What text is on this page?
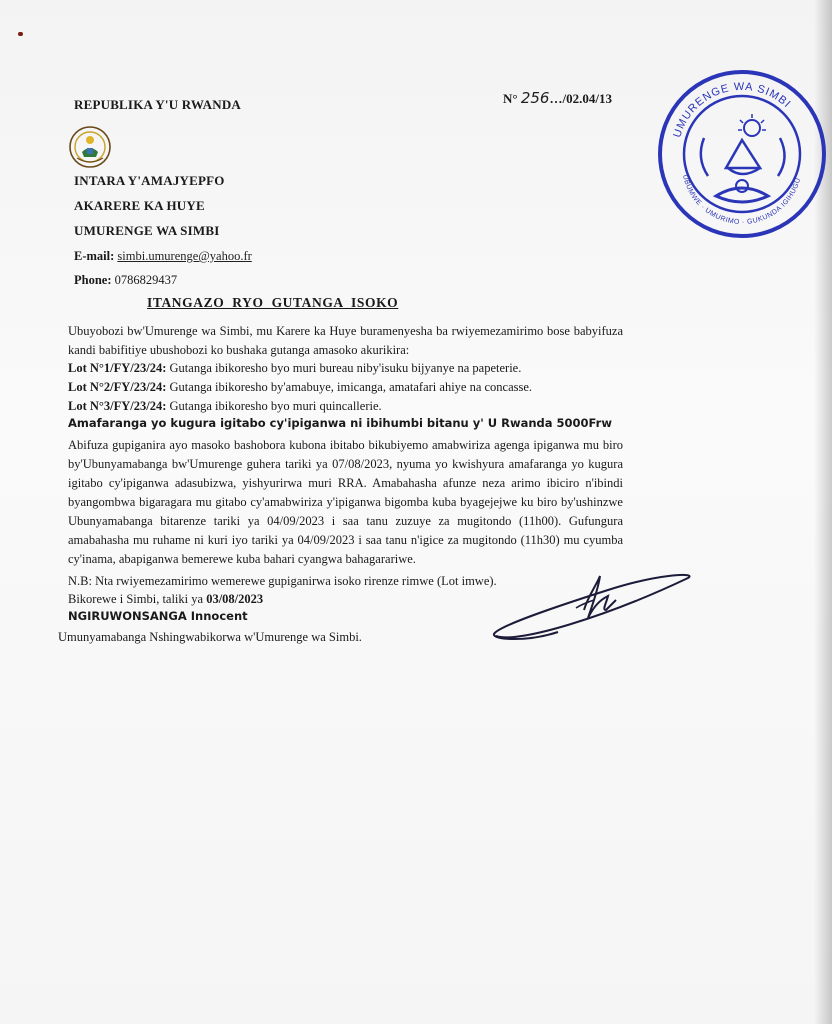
REPUBLIKA Y'U RWANDA	N° 256…/02.04/13
INTARA Y'AMAJYEPFO
AKARERE KA HUYE
UMURENGE WA SIMBI
E-mail: simbi.umurenge@yahoo.fr
Phone: 0786829437
UMURENGE WA SIMBI
UBUMWE · UMURIMO · GUKUNDA IGIHUGU
ITANGAZO RYO GUTANGA ISOKO
Ubuyobozi bw'Umurenge wa Simbi, mu Karere ka Huye buramenyesha ba rwiyemezamirimo bose babyifuza kandi babifitiye ubushobozi ko bushaka gutanga amasoko akurikira:
Lot N°1/FY/23/24: Gutanga ibikoresho byo muri bureau niby'isuku bijyanye na papeterie.
Lot N°2/FY/23/24: Gutanga ibikoresho by'amabuye, imicanga, amatafari ahiye na concasse.
Lot N°3/FY/23/24: Gutanga ibikoresho byo muri quincallerie.
Amafaranga yo kugura igitabo cy'ipiganwa ni ibihumbi bitanu y' U Rwanda 5000Frw
Abifuza gupiganira ayo masoko bashobora kubona ibitabo bikubiyemo amabwiriza agenga ipiganwa mu biro by'Ubunyamabanga bw'Umurenge guhera tariki ya 07/08/2023, nyuma yo kwishyura amafaranga yo kugura igitabo cy'ipiganwa adasubizwa, yishyurirwa muri RRA. Amabahasha afunze neza arimo ibiciro n'ibindi byangombwa bigaragara mu gitabo cy'amabwiriza y'ipiganwa bigomba kuba byagejejwe ku biro by'ushinzwe Ubunyamabanga bitarenze tariki ya 04/09/2023 i saa tanu zuzuye za mugitondo (11h00). Gufungura amabahasha mu ruhame ni kuri iyo tariki ya 04/09/2023 i saa tanu n'igice za mugitondo (11h30) mu cyumba cy'inama, abapiganwa bemerewe kuba bahari cyangwa bahagarariwe.
N.B: Nta rwiyemezamirimo wemerewe gupiganirwa isoko rirenze rimwe (Lot imwe).
Bikorewe i Simbi, taliki ya 03/08/2023
NGIRUWONSANGA Innocent
Umunyamabanga Nshingwabikorwa w'Umurenge wa Simbi.
